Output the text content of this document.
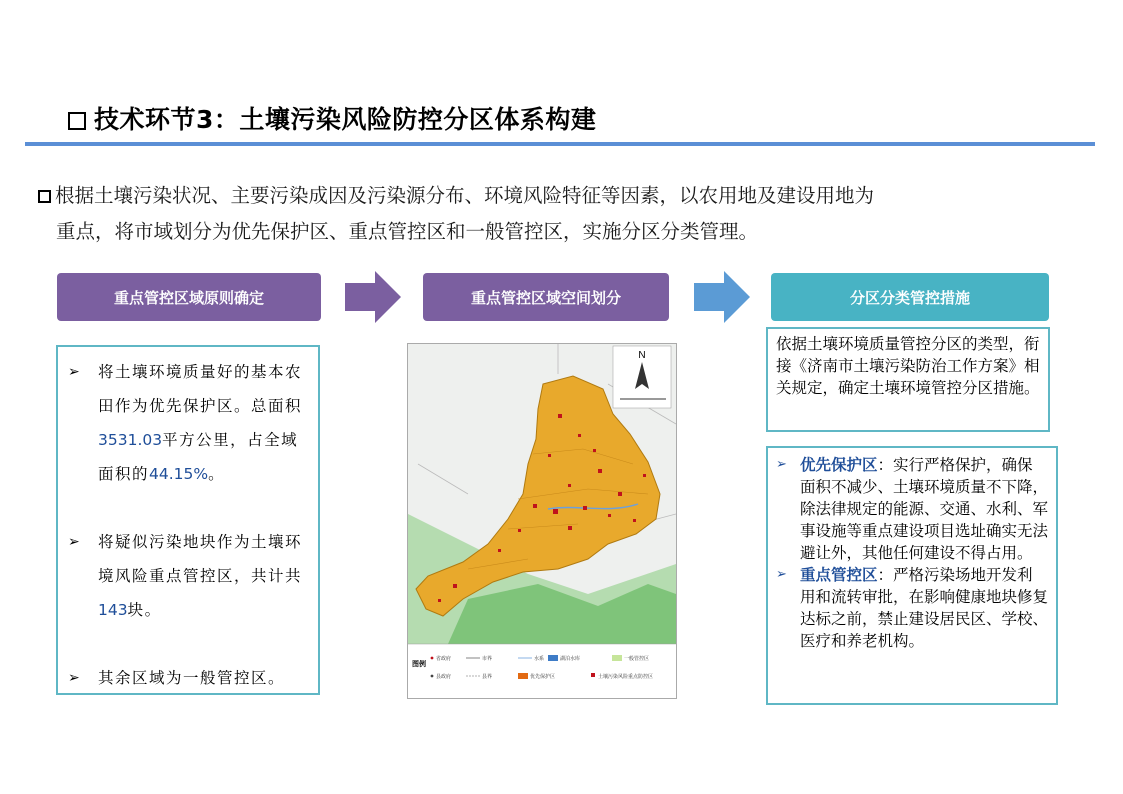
技术环节3：土壤污染风险防控分区体系构建
根据土壤污染状况、主要污染成因及污染源分布、环境风险特征等因素，以农用地及建设用地为
重点，将市域划分为优先保护区、重点管控区和一般管控区，实施分区分类管理。
重点管控区域原则确定	重点管控区域空间划分	分区分类管控措施
➢	将土壤环境质量好的基本农田作为优先保护区。总面积3531.03平方公里，占全域面积的44.15%。
➢	将疑似污染地块作为土壤环境风险重点管控区，共计共143块。
➢	其余区域为一般管控区。
N
图例
省政府	市界	水系	湖泊水库	一般管控区
县政府	县界	优先保护区	土壤污染风险重点防控区
依据土壤环境质量管控分区的类型，衔接《济南市土壤污染防治工作方案》相关规定，确定土壤环境管控分区措施。
➢ 优先保护区：实行严格保护，确保面积不减少、土壤环境质量不下降，除法律规定的能源、交通、水利、军事设施等重点建设项目选址确实无法避让外，其他任何建设不得占用。
➢ 重点管控区：严格污染场地开发利用和流转审批，在影响健康地块修复达标之前，禁止建设居民区、学校、医疗和养老机构。
